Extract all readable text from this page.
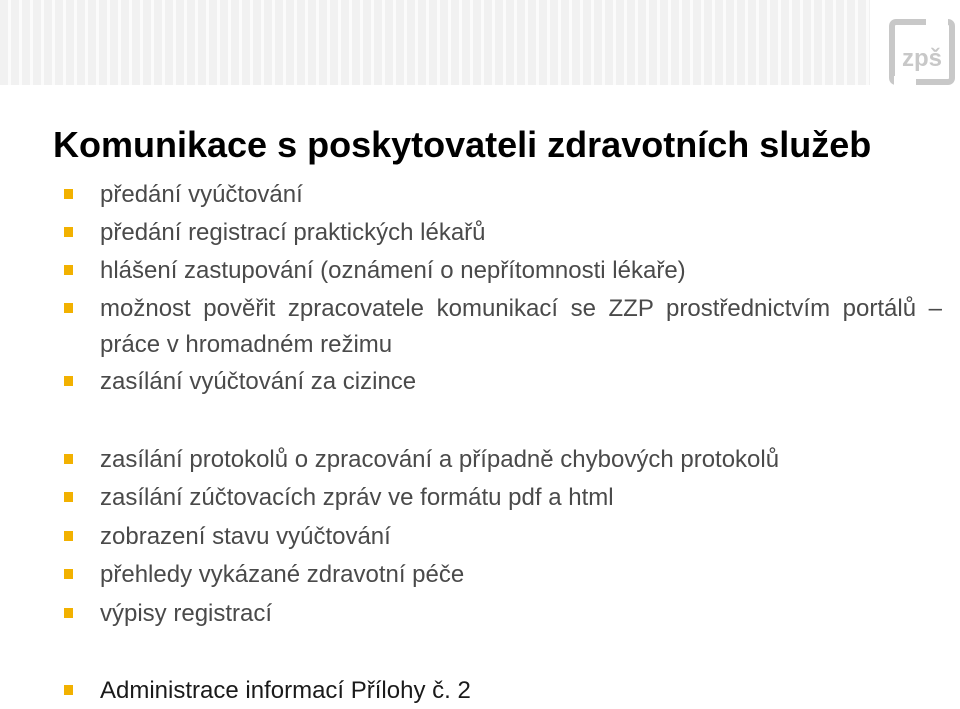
zpš
Komunikace s poskytovateli zdravotních služeb
předání vyúčtování
předání registrací praktických lékařů
hlášení zastupování (oznámení o nepřítomnosti lékaře)
možnost pověřit zpracovatele komunikací se ZZP prostřednictvím portálů – práce v hromadném režimu
zasílání vyúčtování za cizince
zasílání protokolů o zpracování a případně chybových protokolů
zasílání zúčtovacích zpráv ve formátu pdf a html
zobrazení stavu vyúčtování
přehledy vykázané zdravotní péče
výpisy registrací
Administrace informací Přílohy č. 2
